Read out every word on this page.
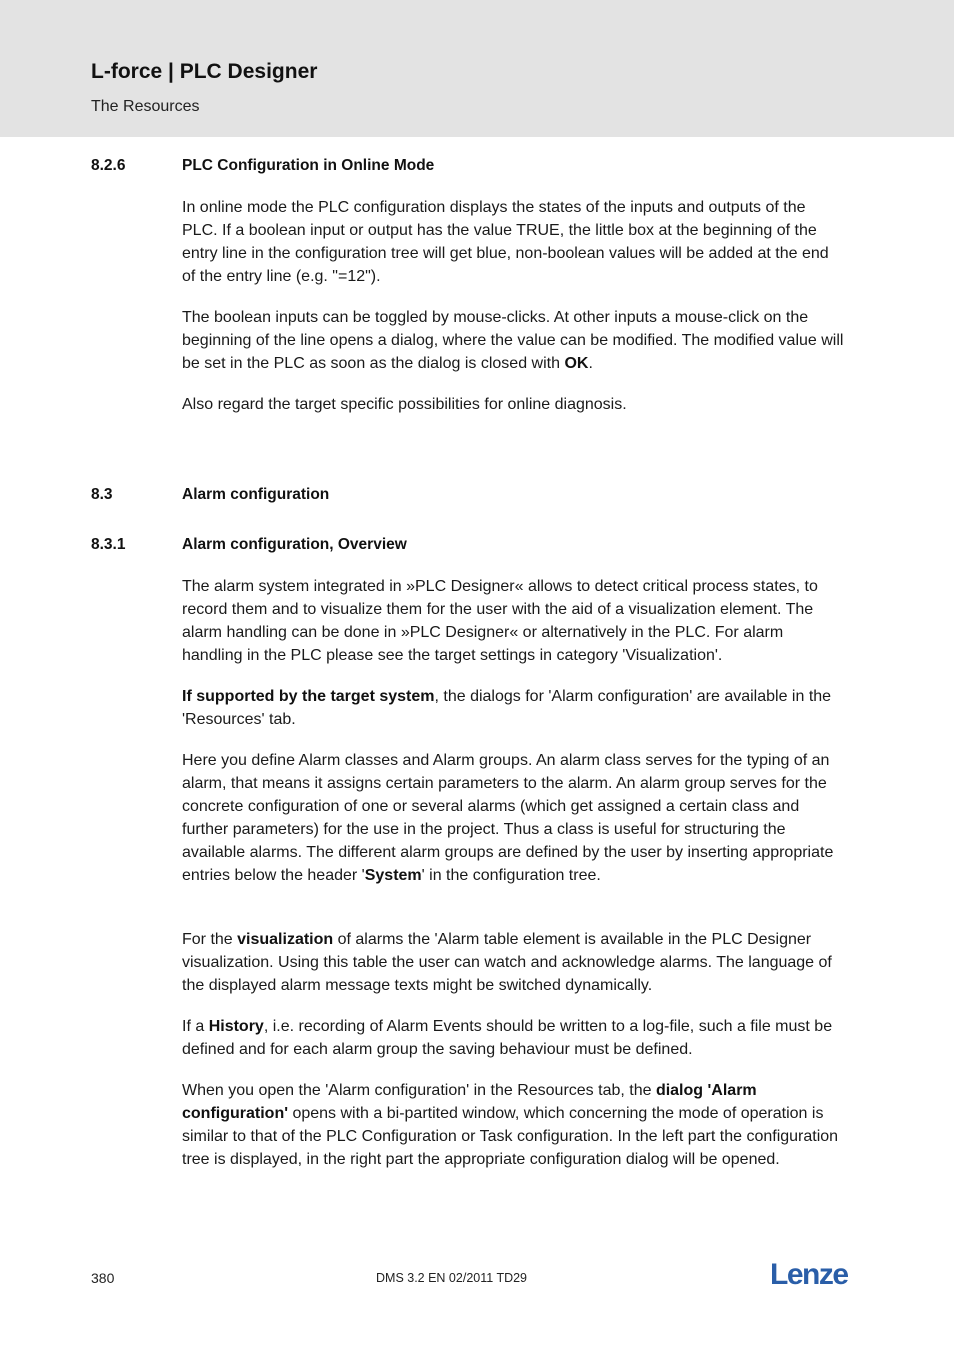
L-force | PLC Designer
The Resources
8.2.6	PLC Configuration in Online Mode

In online mode the PLC configuration displays the states of the inputs and outputs of the PLC. If a boolean input or output has the value TRUE, the little box at the beginning of the entry line in the configuration tree will get blue, non-boolean values will be added at the end of the entry line (e.g. "=12").

The boolean inputs can be toggled by mouse-clicks. At other inputs a mouse-click on the beginning of the line opens a dialog, where the value can be modified. The modified value will be set in the PLC as soon as the dialog is closed with OK.

Also regard the target specific possibilities for online diagnosis.

8.3	Alarm configuration
8.3.1	Alarm configuration, Overview

The alarm system integrated in »PLC Designer« allows to detect critical process states, to record them and to visualize them for the user with the aid of a visualization element. The alarm handling can be done in »PLC Designer« or alternatively in the PLC. For alarm handling in the PLC please see the target settings in category 'Visualization'.

If supported by the target system, the dialogs for 'Alarm configuration' are available in the 'Resources' tab.

Here you define Alarm classes and Alarm groups. An alarm class serves for the typing of an alarm, that means it assigns certain parameters to the alarm. An alarm group serves for the concrete configuration of one or several alarms (which get assigned a certain class and further parameters) for the use in the project. Thus a class is useful for structuring the available alarms. The different alarm groups are defined by the user by inserting appropriate entries below the header 'System' in the configuration tree.

For the visualization of alarms the 'Alarm table element is available in the PLC Designer visualization. Using this table the user can watch and acknowledge alarms. The language of the displayed alarm message texts might be switched dynamically.

If a History, i.e. recording of Alarm Events should be written to a log-file, such a file must be defined and for each alarm group the saving behaviour must be defined.

When you open the 'Alarm configuration' in the Resources tab, the dialog 'Alarm configuration' opens with a bi-partited window, which concerning the mode of operation is similar to that of the PLC Configuration or Task configuration. In the left part the configuration tree is displayed, in the right part the appropriate configuration dialog will be opened.

380	DMS 3.2 EN 02/2011 TD29	Lenze
